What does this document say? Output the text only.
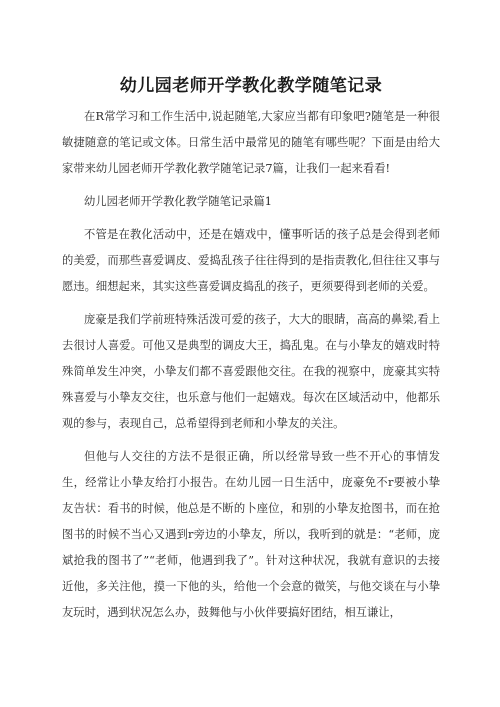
幼儿园老师开学教化教学随笔记录

在R常学习和工作生活中,说起随笔,大家应当都有印象吧?随笔是一种很敏捷随意的笔记或文体。日常生活中最常见的随笔有哪些呢？下面是由给大家带来幼儿园老师开学教化教学随笔记录7篇，让我们一起来看看!

幼儿园老师开学教化教学随笔记录篇1

不管是在教化活动中，还是在嬉戏中，懂事听话的孩子总是会得到老师的美爱，而那些喜爱调皮、爱捣乱孩子往往得到的是指责教化,但往往又事与愿违。细想起来，其实这些喜爱调皮捣乱的孩子，更须要得到老师的关爱。

庞豪是我们学前班特殊活泼可爱的孩子，大大的眼睛，高高的鼻梁,看上去很讨人喜爱。可他又是典型的调皮大王，捣乱鬼。在与小挚友的嬉戏时特殊简单发生冲突，小挚友们都不喜爱跟他交往。在我的视察中，庞豪其实特殊喜爱与小挚友交往，也乐意与他们一起嬉戏。每次在区域活动中，他都乐观的参与，表现自己，总希望得到老师和小挚友的关注。

但他与人交往的方法不是很正确，所以经常导致一些不开心的事情发生，经常让小挚友给打小报告。在幼儿园一日生活中，庞豪免不r要被小挚友告状：看书的时候，他总是不断的卜座位，和别的小挚友抢图书，而在抢图书的时候不当心又遇到r旁边的小挚友，所以，我听到的就是：“老师，庞斌抢我的图书了”“老师，他遇到我了”。针对这种状况，我就有意识的去接近他，多关注他，摸一下他的头，给他一个会意的微笑，与他交谈在与小挚友玩时，遇到状况怎么办，鼓舞他与小伙伴要搞好团结，相互谦让，
